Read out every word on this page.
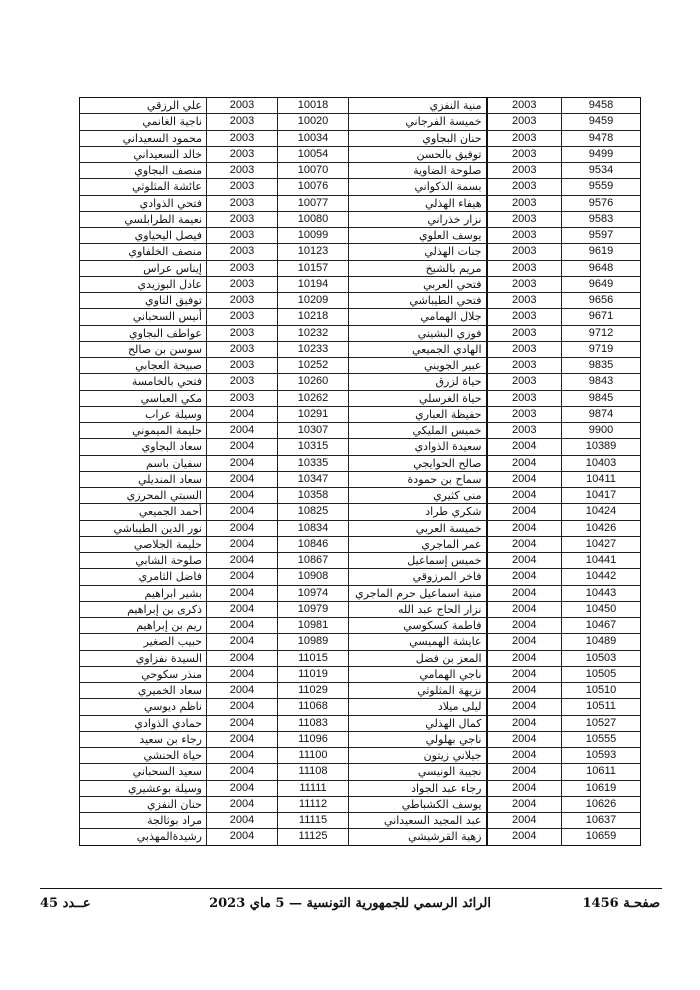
9458	2003	منية النفزي	10018	2003	علي الرزقي
9459	2003	خميسة الفرجاني	10020	2003	ناجية الغانمي
9478	2003	حنان البجاوي	10034	2003	محمود السعيداني
9499	2003	توفيق بالحسن	10054	2003	خالد السعيداني
9534	2003	صلوحة الضاوية	10070	2003	منصف البجاوي
9559	2003	بسمة الذكواني	10076	2003	عائشة المثلوثي
9576	2003	هيفاء الهذلي	10077	2003	فتحي الذوادي
9583	2003	نزار خذراني	10080	2003	نعيمة الطرابلسي
9597	2003	يوسف العلوي	10099	2003	فيصل اليحياوي
9619	2003	جنات الهذلي	10123	2003	منصف الخلفاوي
9648	2003	مريم بالشيخ	10157	2003	إيناس عراس
9649	2003	فتحي العربي	10194	2003	عادل البوزيدي
9656	2003	فتحي الطيباشي	10209	2003	توفيق الناوي
9671	2003	جلال الهمامي	10218	2003	أنيس السحباني
9712	2003	فوزي البشيني	10232	2003	عواطف البجاوي
9719	2003	الهادي الجميعي	10233	2003	سوسن بن صالح
9835	2003	عبير الجويني	10252	2003	صبيحة العجابي
9843	2003	حياة لزرق	10260	2003	فتحي بالخامسة
9845	2003	حياة الغرسلي	10262	2003	مكي العباسي
9874	2003	حفيظة العباري	10291	2004	وسيلة عراب
9900	2003	خميس المليكي	10307	2004	حليمة الميموني
10389	2004	سعيدة الذوادي	10315	2004	سعاد البجاوي
10403	2004	صالح الحوايجي	10335	2004	سفيان باسم
10411	2004	سماح بن حمودة	10347	2004	سعاد المنديلي
10417	2004	منى كثيري	10358	2004	السبتي المحرزي
10424	2004	شكري طراد	10825	2004	أحمد الجميعي
10426	2004	خميسة العربي	10834	2004	نور الدين الطيباشي
10427	2004	عمر الماجري	10846	2004	حليمة الجلاصي
10441	2004	خميس إسماعيل	10867	2004	صلوحة الشابي
10442	2004	فاخر المرزوقي	10908	2004	فاضل الثامري
10443	2004	منية اسماعيل حرم الماجري	10974	2004	بشير ابراهيم
10450	2004	نزار الحاج عبد الله	10979	2004	ذكرى بن إبراهيم
10467	2004	فاطمة كسكوسي	10981	2004	ريم بن إبراهيم
10489	2004	عايشة الهميسي	10989	2004	حبيب الصغير
10503	2004	المعز بن فضل	11015	2004	السيدة نفزاوي
10505	2004	ناجي الهمامي	11019	2004	منذر سكوحي
10510	2004	نزيهة المثلوثي	11029	2004	سعاد الخميري
10511	2004	ليلى ميلاد	11068	2004	ناظم ديوسي
10527	2004	كمال الهذلي	11083	2004	حمادي الذوادي
10555	2004	ناجي بهلولي	11096	2004	رجاء بن سعيد
10593	2004	جيلاني زيتون	11100	2004	حياة الحنشي
10611	2004	نجيبة الونيسي	11108	2004	سعيد السحباني
10619	2004	رجاء عبد الجواد	11111	2004	وسيلة بوعشيري
10626	2004	يوسف الكشباطي	11112	2004	حنان النفزي
10637	2004	عبد المجيد السعيداني	11115	2004	مراد بوثالجة
10659	2004	زهية القرشيشي	11125	2004	رشيدةالمهذبي
صفحـة 1456
الرائد الرسمي للجمهورية التونسية — 5 ماي 2023
عــدد 45
